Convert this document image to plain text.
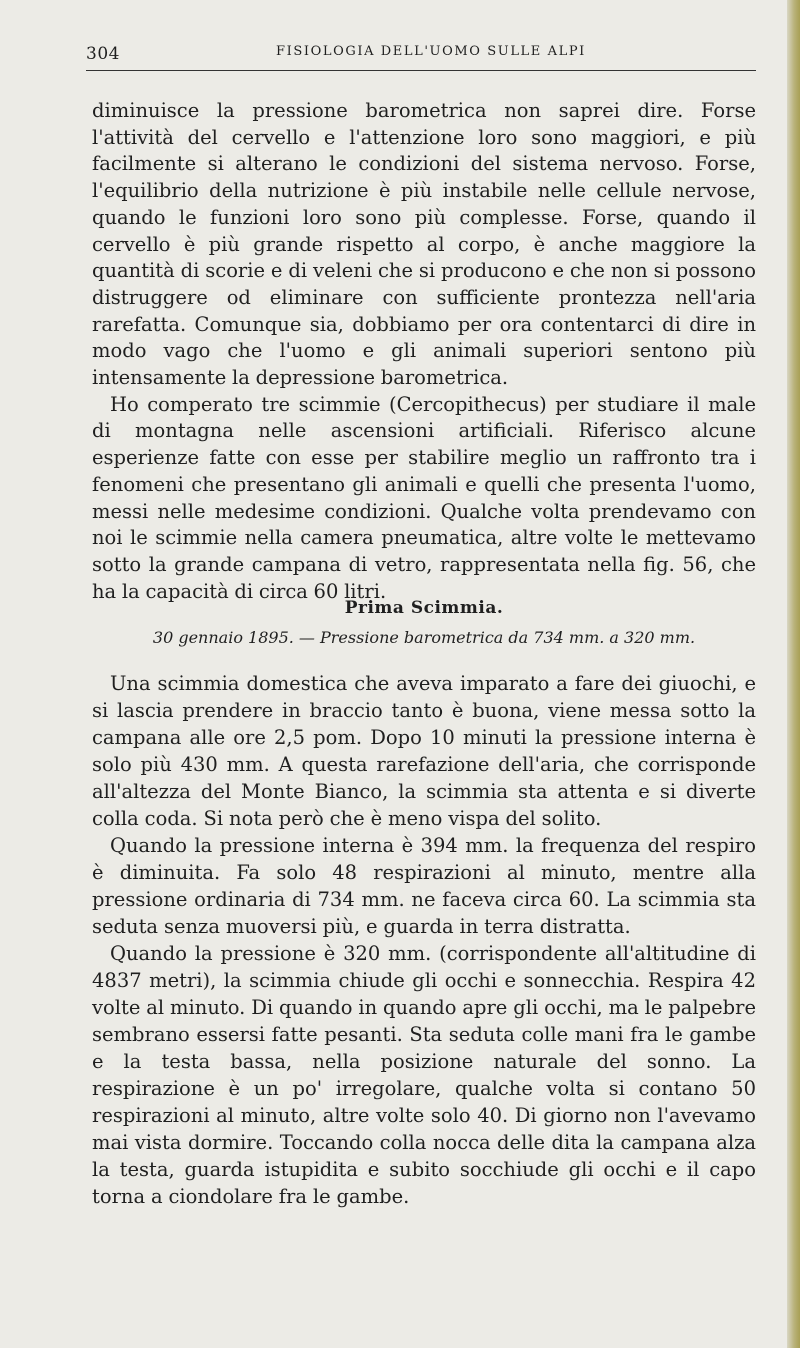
304	FISIOLOGIA DELL'UOMO SULLE ALPI

diminuisce la pressione barometrica non saprei dire. Forse l'attività del cervello e l'attenzione loro sono maggiori, e più facilmente si alterano le condizioni del sistema nervoso. Forse, l'equilibrio della nutrizione è più instabile nelle cellule nervose, quando le funzioni loro sono più complesse. Forse, quando il cervello è più grande rispetto al corpo, è anche maggiore la quantità di scorie e di veleni che si producono e che non si possono distruggere od eliminare con sufficiente prontezza nell'aria rarefatta. Comunque sia, dobbiamo per ora contentarci di dire in modo vago che l'uomo e gli animali superiori sentono più intensamente la depressione barometrica.

Ho comperato tre scimmie (Cercopithecus) per studiare il male di montagna nelle ascensioni artificiali. Riferisco alcune esperienze fatte con esse per stabilire meglio un raffronto tra i fenomeni che presentano gli animali e quelli che presenta l'uomo, messi nelle medesime condizioni. Qualche volta prendevamo con noi le scimmie nella camera pneumatica, altre volte le mettevamo sotto la grande campana di vetro, rappresentata nella fig. 56, che ha la capacità di circa 60 litri.

Prima Scimmia.
30 gennaio 1895. — Pressione barometrica da 734 mm. a 320 mm.

Una scimmia domestica che aveva imparato a fare dei giuochi, e si lascia prendere in braccio tanto è buona, viene messa sotto la campana alle ore 2,5 pom. Dopo 10 minuti la pressione interna è solo più 430 mm. A questa rarefazione dell'aria, che corrisponde all'altezza del Monte Bianco, la scimmia sta attenta e si diverte colla coda. Si nota però che è meno vispa del solito.

Quando la pressione interna è 394 mm. la frequenza del respiro è diminuita. Fa solo 48 respirazioni al minuto, mentre alla pressione ordinaria di 734 mm. ne faceva circa 60. La scimmia sta seduta senza muoversi più, e guarda in terra distratta.

Quando la pressione è 320 mm. (corrispondente all'altitudine di 4837 metri), la scimmia chiude gli occhi e sonnecchia. Respira 42 volte al minuto. Di quando in quando apre gli occhi, ma le palpebre sembrano essersi fatte pesanti. Sta seduta colle mani fra le gambe e la testa bassa, nella posizione naturale del sonno. La respirazione è un po' irregolare, qualche volta si contano 50 respirazioni al minuto, altre volte solo 40. Di giorno non l'avevamo mai vista dormire. Toccando colla nocca delle dita la campana alza la testa, guarda istupidita e subito socchiude gli occhi e il capo torna a ciondolare fra le gambe.
